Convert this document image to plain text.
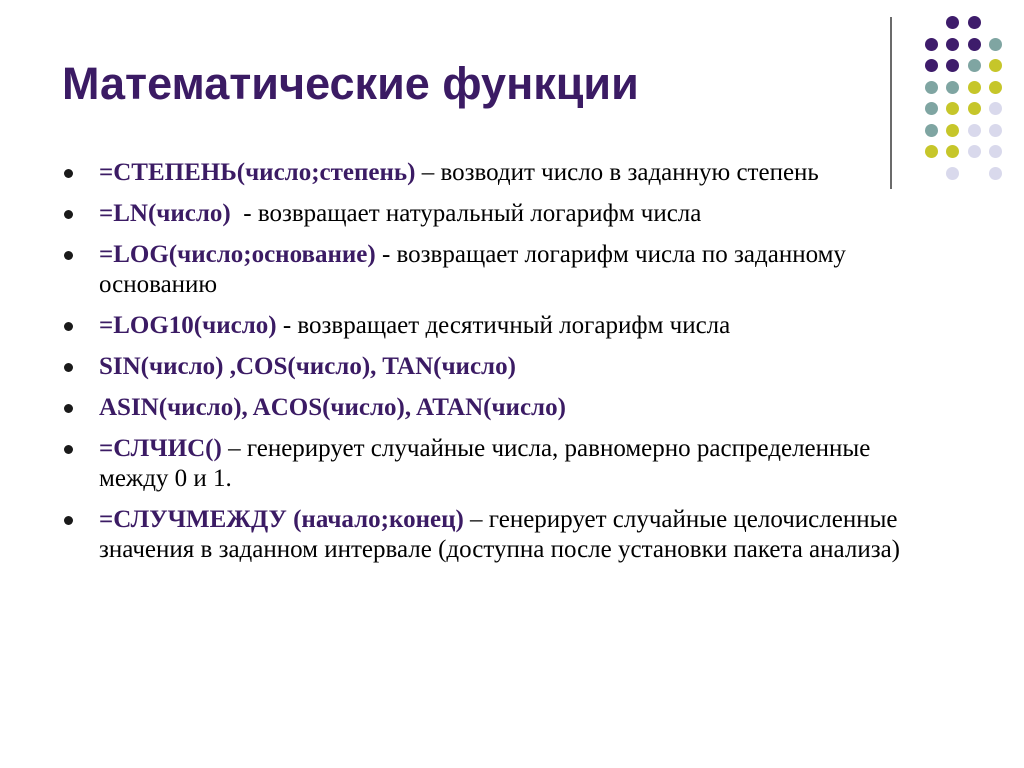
Математические функции
=СТЕПЕНЬ(число;степень) – возводит число в заданную степень
=LN(число)  - возвращает натуральный логарифм числа
=LOG(число;основание) - возвращает логарифм числа по заданному основанию
=LOG10(число) - возвращает десятичный логарифм числа
SIN(число) ,COS(число), TAN(число)
ASIN(число), ACOS(число), ATAN(число)
=СЛЧИС() – генерирует случайные числа, равномерно распределенные между 0 и 1.
=СЛУЧМЕЖДУ (начало;конец) – генерирует случайные целочисленные значения в заданном интервале (доступна после установки пакета анализа)
